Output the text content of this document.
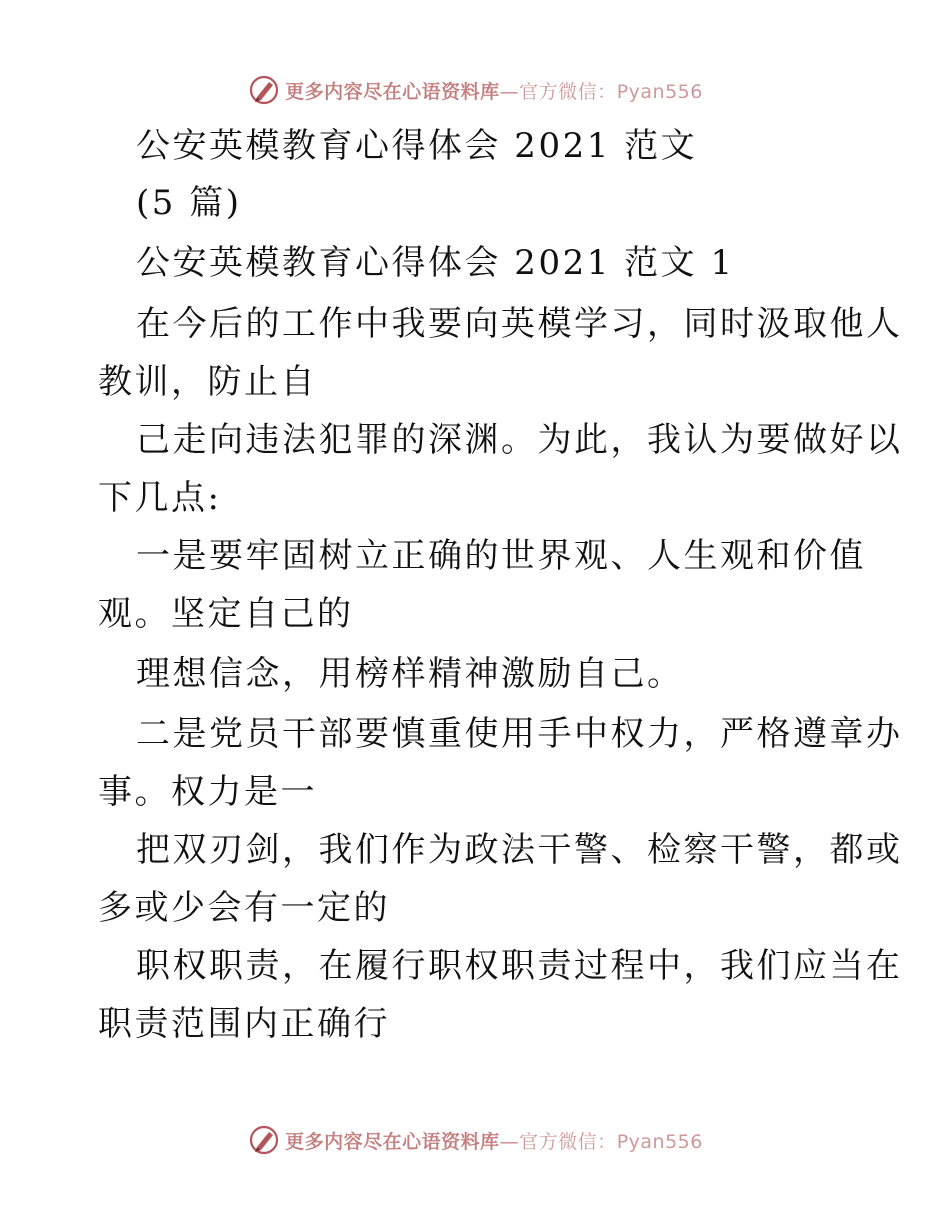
更多内容尽在心语资料库—官方微信：Pyan556
公安英模教育心得体会 2021 范文
(5 篇)
公安英模教育心得体会 2021 范文 1
在今后的工作中我要向英模学习，同时汲取他人
教训，防止自
己走向违法犯罪的深渊。为此，我认为要做好以
下几点:
一是要牢固树立正确的世界观、人生观和价值
观。坚定自己的
理想信念，用榜样精神激励自己。
二是党员干部要慎重使用手中权力，严格遵章办
事。权力是一
把双刃剑，我们作为政法干警、检察干警，都或
多或少会有一定的
职权职责，在履行职权职责过程中，我们应当在
职责范围内正确行
更多内容尽在心语资料库—官方微信：Pyan556
